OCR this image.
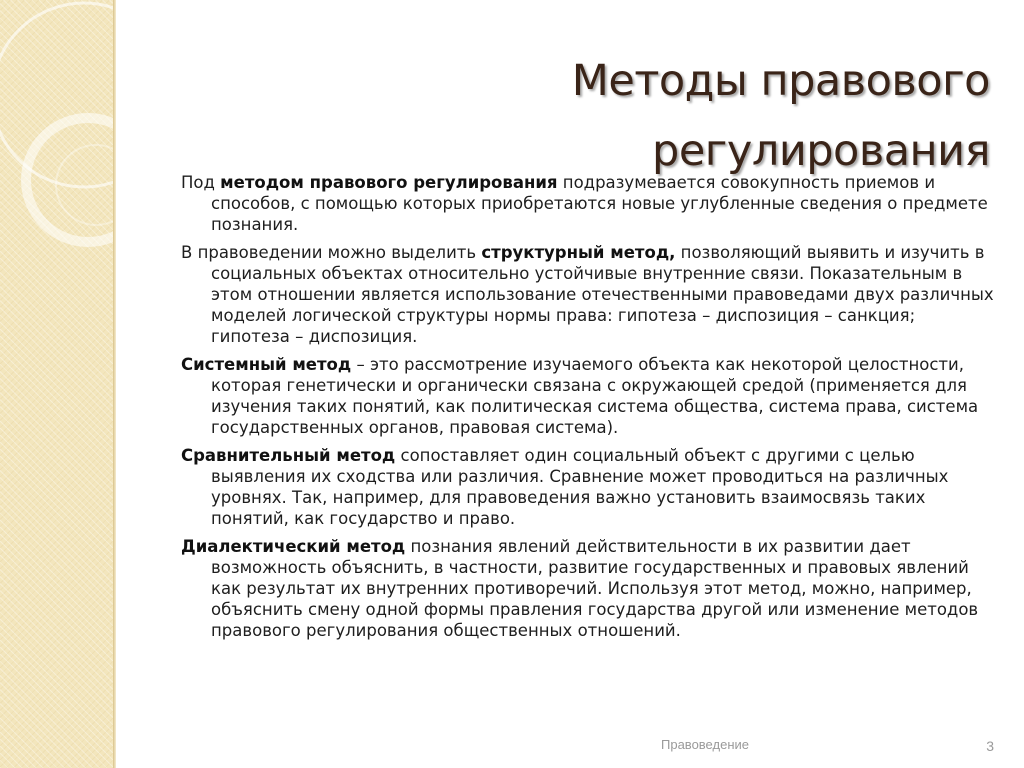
Методы правового
регулирования

Под методом правового регулирования подразумевается совокупность приемов и способов, с помощью которых приобретаются новые углубленные сведения о предмете познания.

В правоведении можно выделить структурный метод, позволяющий выявить и изучить в социальных объектах относительно устойчивые внутренние связи. Показательным в этом отношении является использование отечественными правоведами двух различных моделей логической структуры нормы права: гипотеза – диспозиция – санкция; гипотеза – диспозиция.

Системный метод – это рассмотрение изучаемого объекта как некоторой целостности, которая генетически и органически связана с окружающей средой (применяется для изучения таких понятий, как политическая система общества, система права, система государственных органов, правовая система).

Сравнительный метод сопоставляет один социальный объект с другими с целью выявления их сходства или различия. Сравнение может проводиться на различных уровнях. Так, например, для правоведения важно установить взаимосвязь таких понятий, как государство и право.

Диалектический метод познания явлений действительности в их развитии дает возможность объяснить, в частности, развитие государственных и правовых явлений как результат их внутренних противоречий. Используя этот метод, можно, например, объяснить смену одной формы правления государства другой или изменение методов правового регулирования общественных отношений.

Правоведение	3
